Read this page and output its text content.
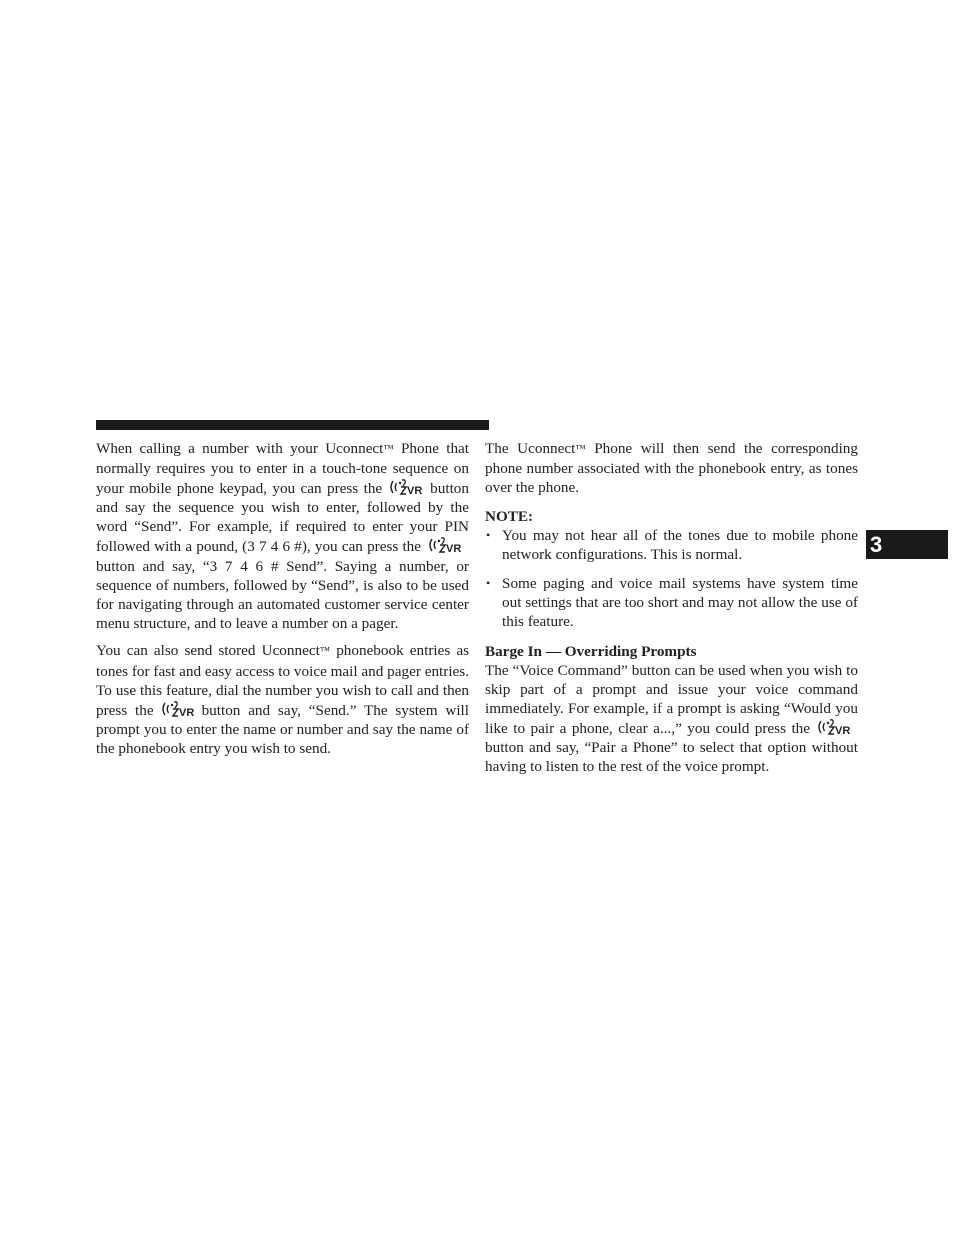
When calling a number with your Uconnect™ Phone that normally requires you to enter in a touch-tone sequence on your mobile phone keypad, you can press the VR button and say the sequence you wish to enter, followed by the word “Send”. For example, if required to enter your PIN followed with a pound, (3 7 4 6 #), you can press the VR
button and say, “3 7 4 6 # Send”. Saying a number, or sequence of numbers, followed by “Send”, is also to be used for navigating through an automated customer service center menu structure, and to leave a number on a pager.

You can also send stored Uconnect™ phonebook entries as tones for fast and easy access to voice mail and pager entries. To use this feature, dial the number you wish to call and then press the VR button and say, “Send.” The system will prompt you to enter the name or number and say the name of the phonebook entry you wish to send.

The Uconnect™ Phone will then send the corresponding phone number associated with the phonebook entry, as tones over the phone.

NOTE:
• You may not hear all of the tones due to mobile phone network configurations. This is normal.
• Some paging and voice mail systems have system time out settings that are too short and may not allow the use of this feature.
Barge In — Overriding Prompts

The “Voice Command” button can be used when you wish to skip part of a prompt and issue your voice command immediately. For example, if a prompt is asking “Would you like to pair a phone, clear a...,” you could press the VR
button and say, “Pair a Phone” to select that option without having to listen to the rest of the voice prompt.

3
